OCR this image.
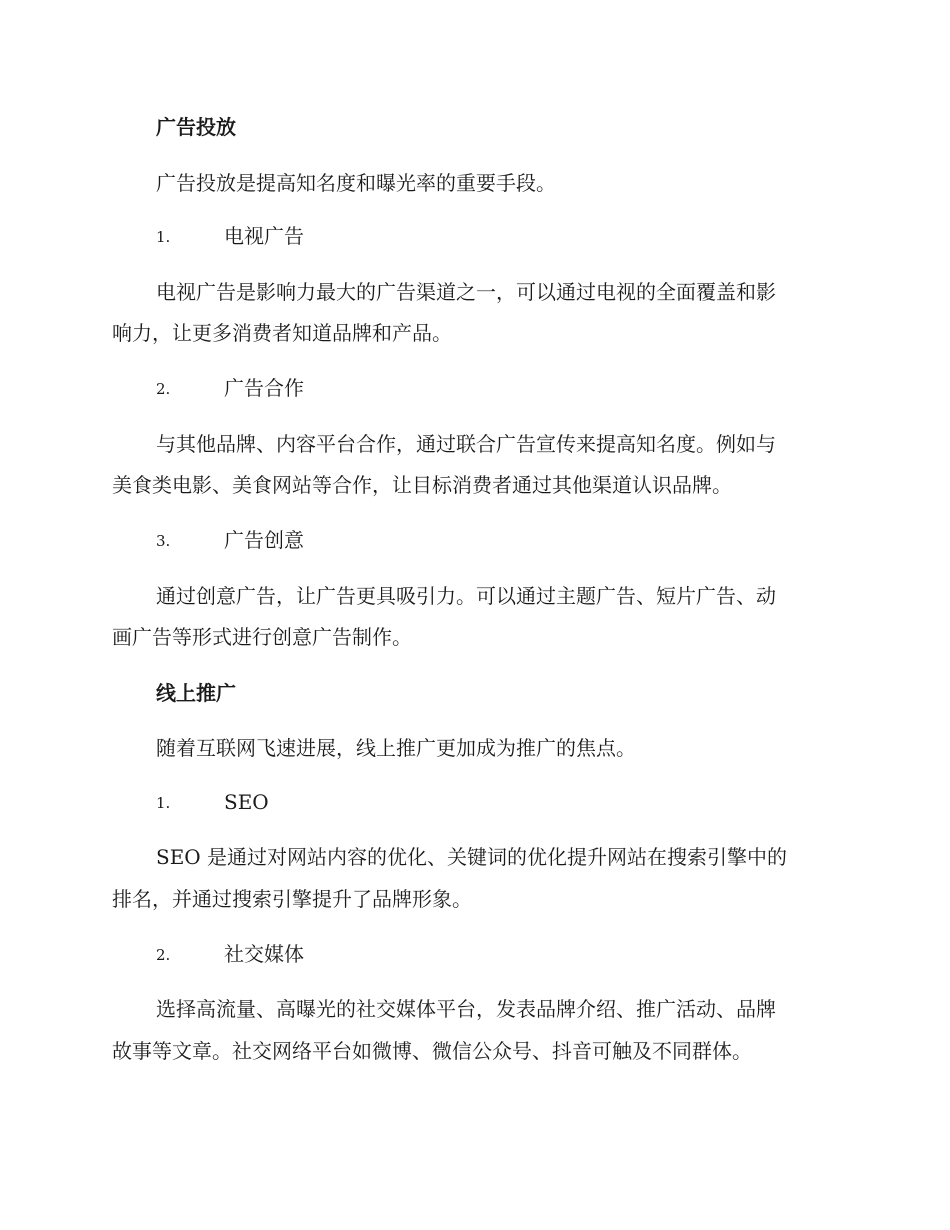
广告投放
广告投放是提高知名度和曝光率的重要手段。
1.	电视广告
电视广告是影响力最大的广告渠道之一，可以通过电视的全面覆盖和影
响力，让更多消费者知道品牌和产品。
2.	广告合作
与其他品牌、内容平台合作，通过联合广告宣传来提高知名度。例如与
美食类电影、美食网站等合作，让目标消费者通过其他渠道认识品牌。
3.	广告创意
通过创意广告，让广告更具吸引力。可以通过主题广告、短片广告、动
画广告等形式进行创意广告制作。
线上推广
随着互联网飞速进展，线上推广更加成为推广的焦点。
1.	SEO
SEO 是通过对网站内容的优化、关键词的优化提升网站在搜索引擎中的
排名，并通过搜索引擎提升了品牌形象。
2.	社交媒体
选择高流量、高曝光的社交媒体平台，发表品牌介绍、推广活动、品牌
故事等文章。社交网络平台如微博、微信公众号、抖音可触及不同群体。
